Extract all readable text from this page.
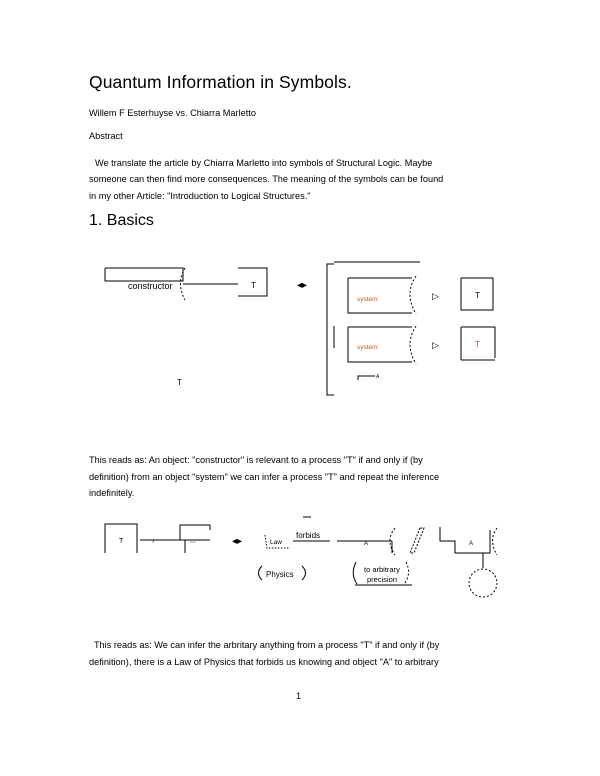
Quantum Information in Symbols.
Willem F Esterhuyse vs. Chiarra Marletto
Abstract
We translate the article by Chiarra Marletto into symbols of Structural Logic. Maybe
someone can then find more consequences. The meaning of the symbols can be found
in my other Article: "Introduction to Logical Structures."
1. Basics
constructor	T	◂▸
system	▷	T
system	▷	T
A
T
This reads as: An object: "constructor" is relevant to a process "T" if and only if (by
definition) from an object "system" we can infer a process "T" and repeat the inference
indefinitely.
T	›	~~	◂▸	Law
forbids
A
Physics
to arbitrary
precision
A
This reads as: We can infer the arbritary anything from a process "T" if and only if (by
definition), there is a Law of Physics that forbids us knowing and object "A" to arbitrary
1
